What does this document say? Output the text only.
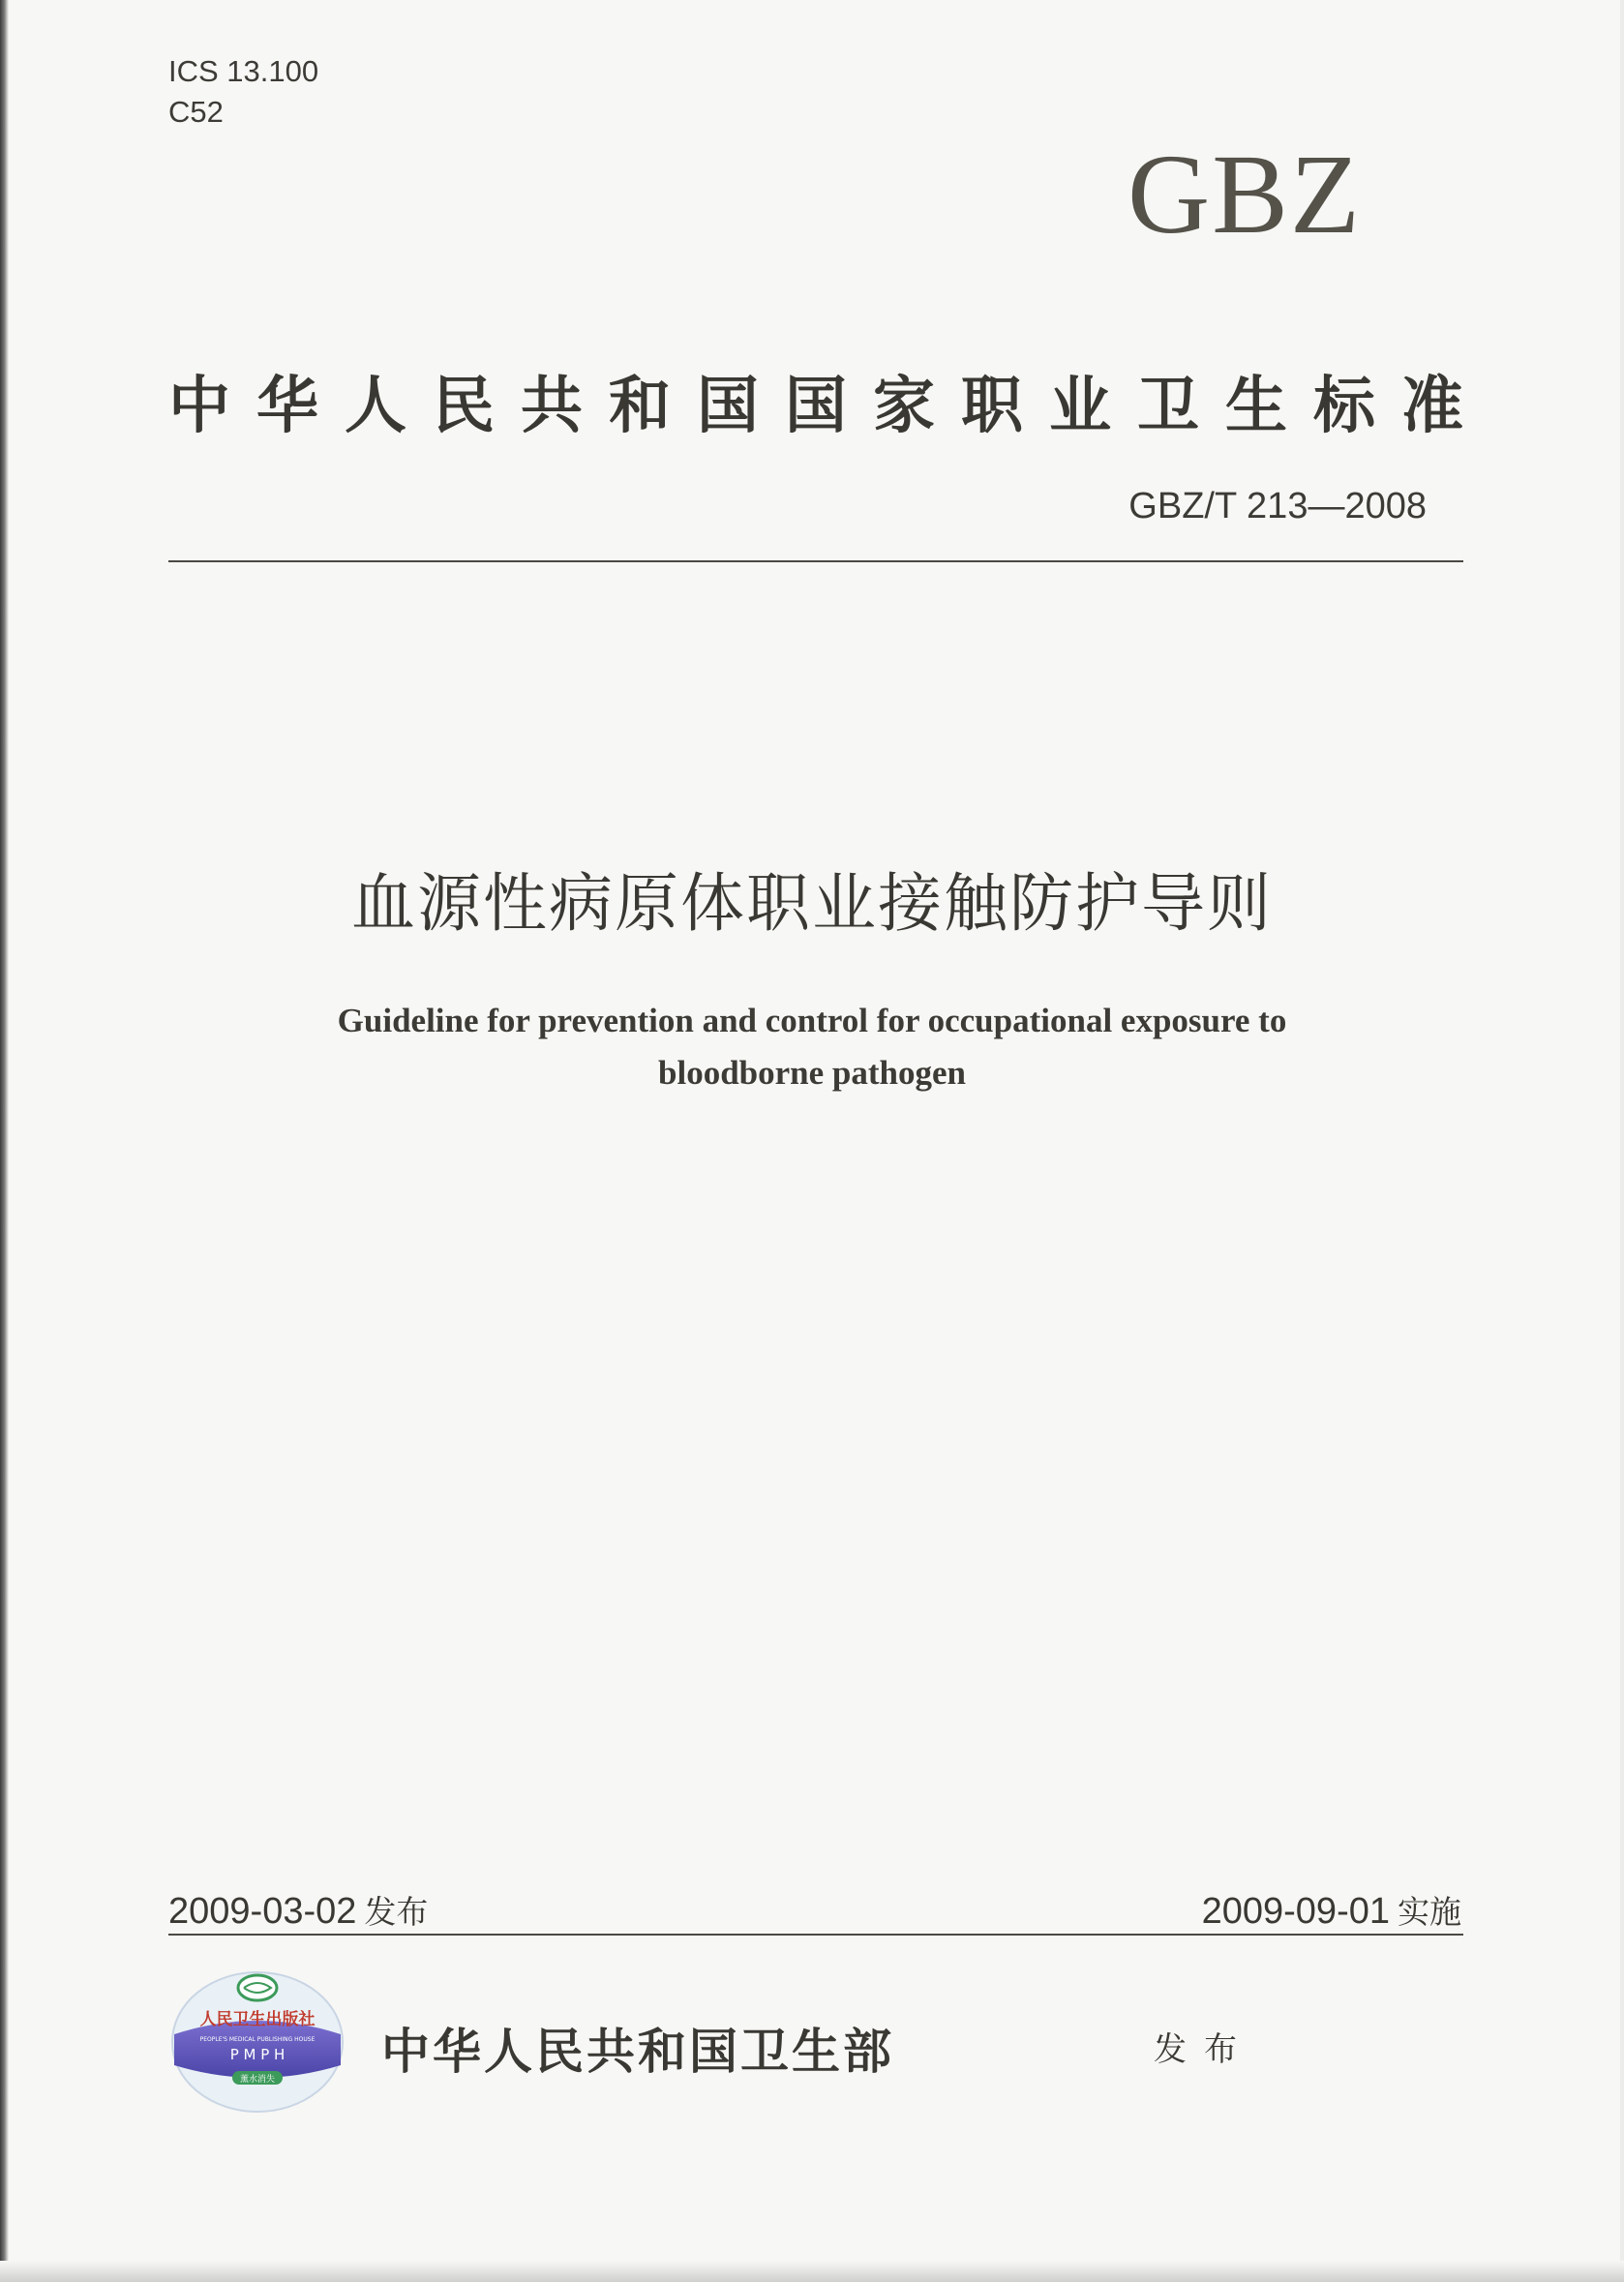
ICS 13.100
C52
GBZ
中华人民共和国国家职业卫生标准
GBZ/T 213—2008
血源性病原体职业接触防护导则
Guideline for prevention and control for occupational exposure to
bloodborne pathogen
2009-03-02 发布	2009-09-01 实施
人民卫生出版社
PEOPLE'S MEDICAL PUBLISHING HOUSE
P M P H
薰水消失 中华人民共和国卫生部	发布
